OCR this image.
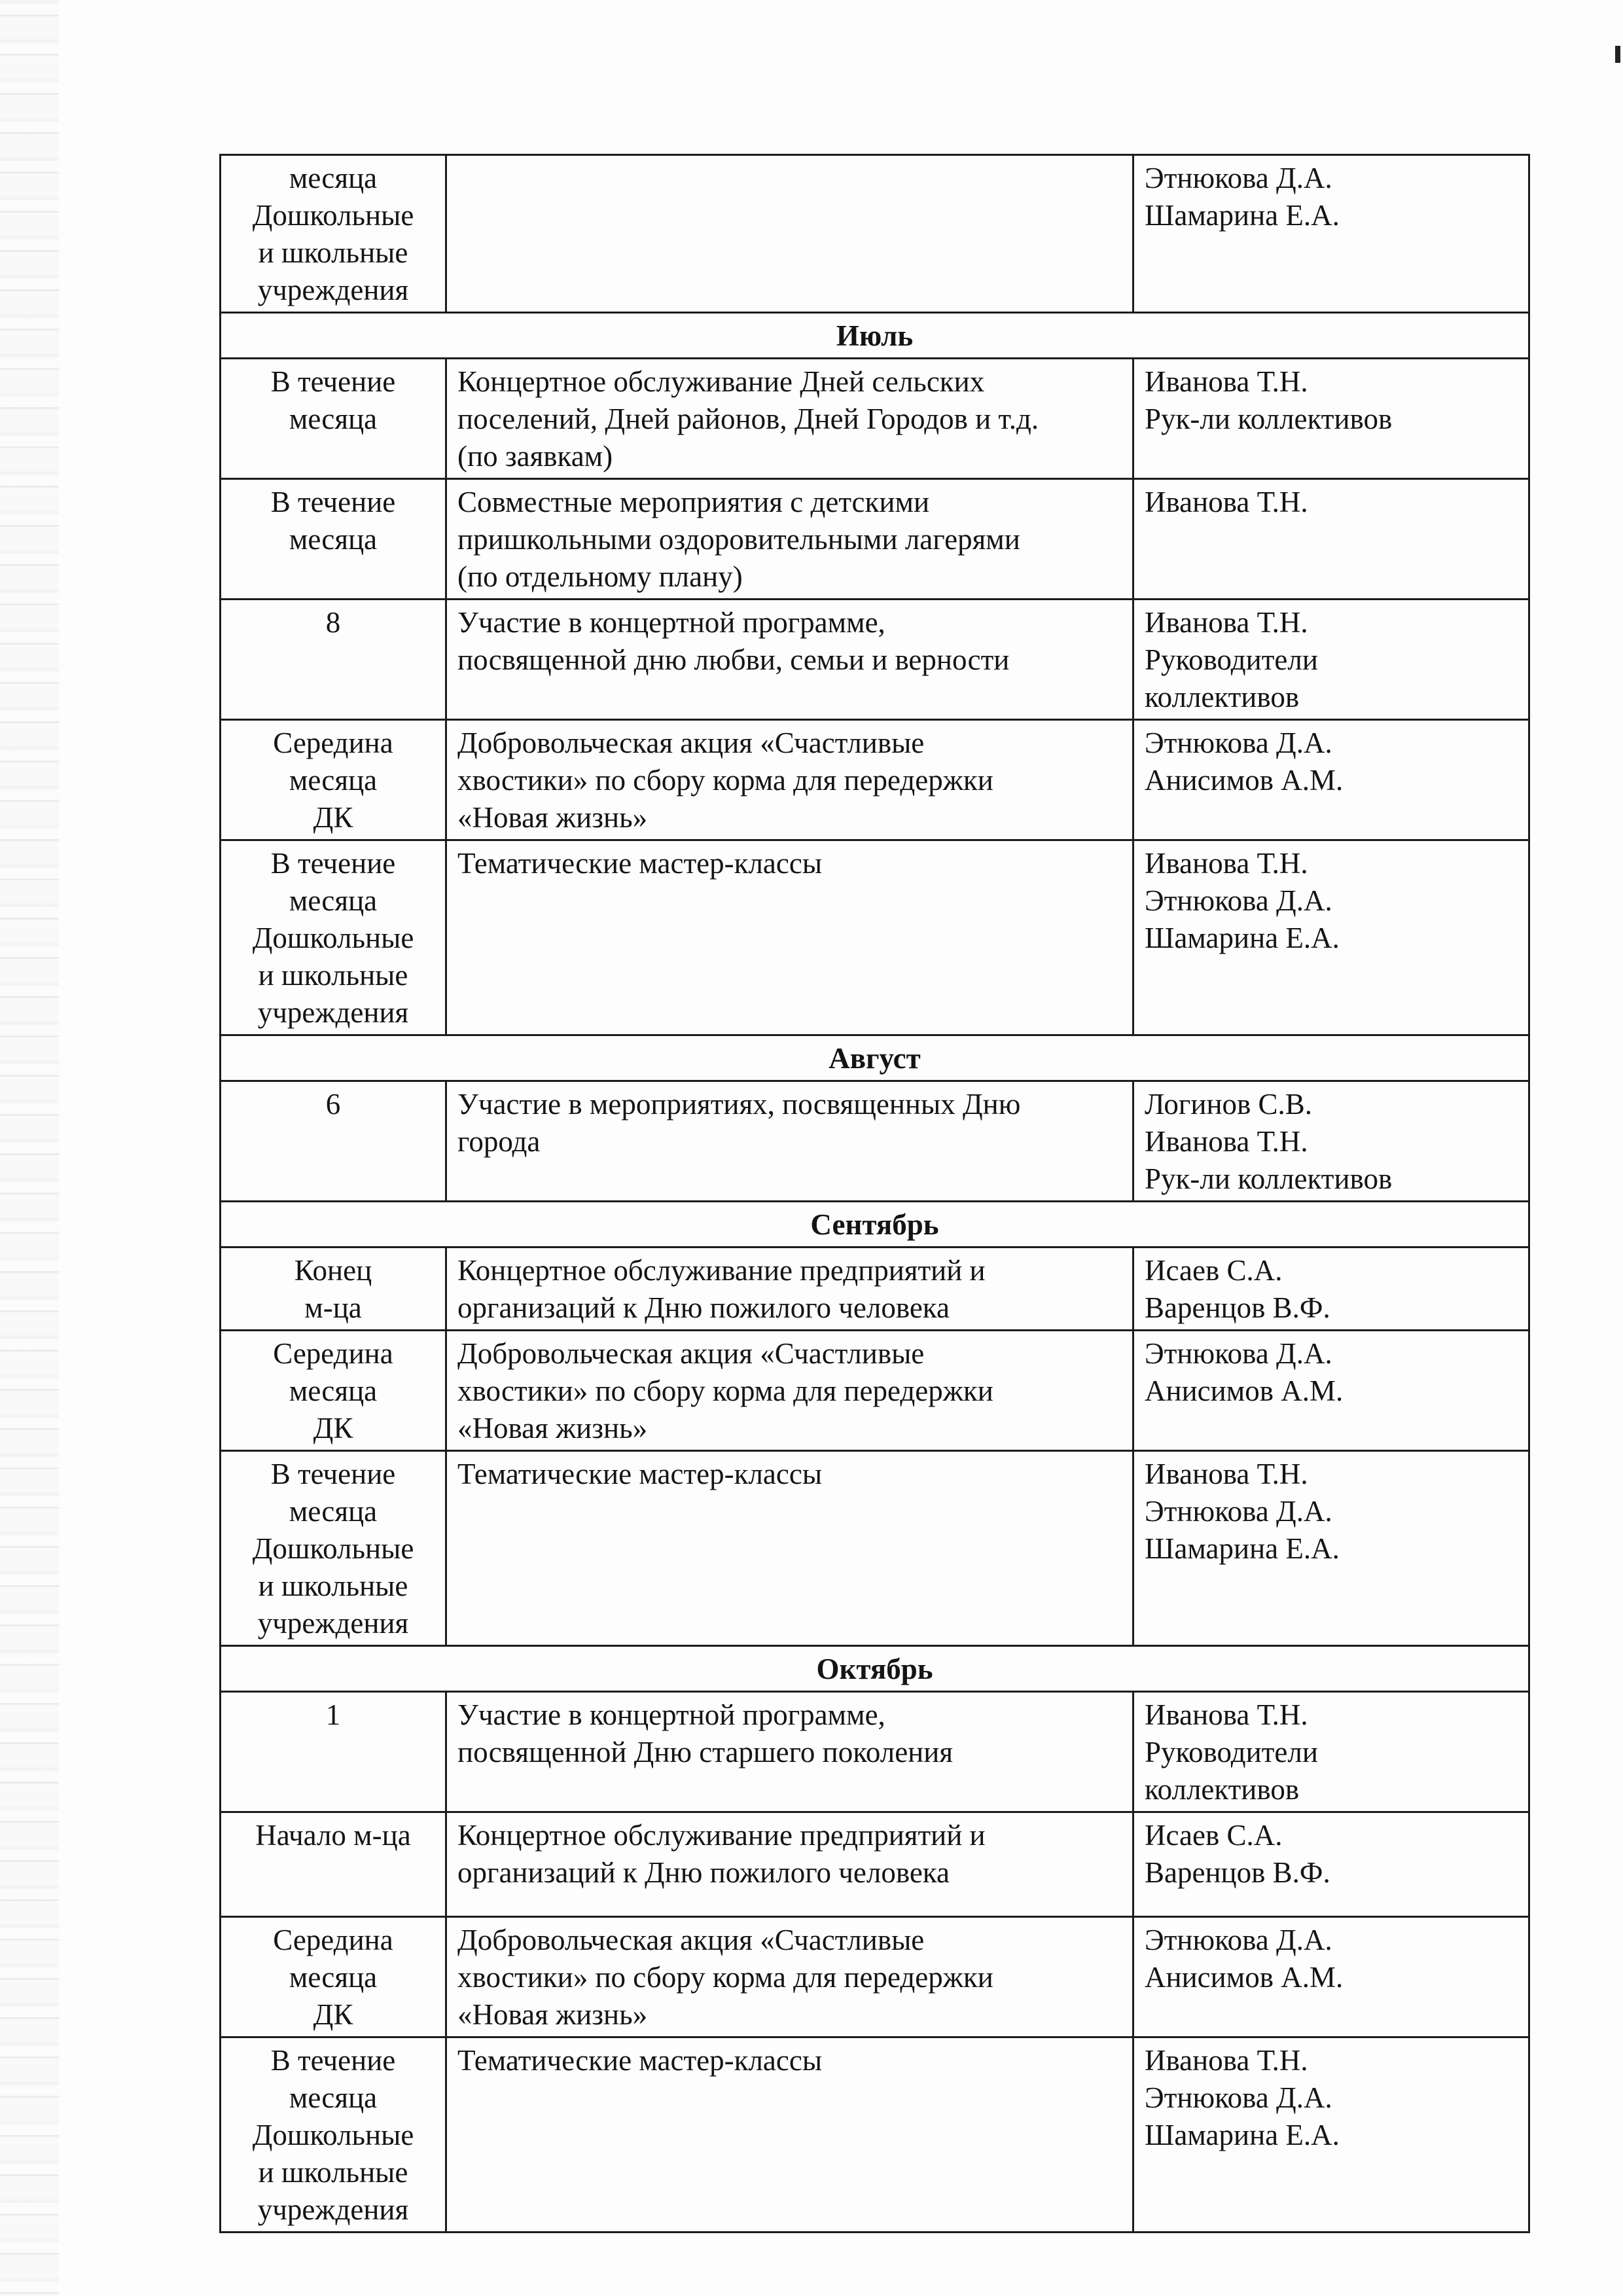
месяца
Дошкольные
и школьные
учреждения		Этнюкова Д.А.
Шамарина Е.А.

Июль		

В течение
месяца	Концертное обслуживание Дней сельских
поселений, Дней районов, Дней Городов и т.д.
(по заявкам)	Иванова Т.Н.
Рук-ли коллективов

В течение
месяца	Совместные мероприятия с детскими
пришкольными оздоровительными лагерями
(по отдельному плану)	Иванова Т.Н.

8	Участие в концертной программе,
посвященной дню любви, семьи и верности	Иванова Т.Н.
Руководители
коллективов

Середина
месяца
ДК	Добровольческая акция «Счастливые
хвостики» по сбору корма для передержки
«Новая жизнь»	Этнюкова Д.А.
Анисимов А.М.

В течение
месяца
Дошкольные
и школьные
учреждения	Тематические мастер-классы	Иванова Т.Н.
Этнюкова Д.А.
Шамарина Е.А.

Август		

6	Участие в мероприятиях, посвященных Дню
города	Логинов С.В.
Иванова Т.Н.
Рук-ли коллективов

Сентябрь		

Конец
м-ца	Концертное обслуживание предприятий и
организаций к Дню пожилого человека	Исаев С.А.
Варенцов В.Ф.

Середина
месяца
ДК	Добровольческая акция «Счастливые
хвостики» по сбору корма для передержки
«Новая жизнь»	Этнюкова Д.А.
Анисимов А.М.

В течение
месяца
Дошкольные
и школьные
учреждения	Тематические мастер-классы	Иванова Т.Н.
Этнюкова Д.А.
Шамарина Е.А.

Октябрь		

1	Участие в концертной программе,
посвященной Дню старшего поколения	Иванова Т.Н.
Руководители
коллективов

Начало м-ца	Концертное обслуживание предприятий и
организаций к Дню пожилого человека	Исаев С.А.
Варенцов В.Ф.

Середина
месяца
ДК	Добровольческая акция «Счастливые
хвостики» по сбору корма для передержки
«Новая жизнь»	Этнюкова Д.А.
Анисимов А.М.

В течение
месяца
Дошкольные
и школьные
учреждения	Тематические мастер-классы	Иванова Т.Н.
Этнюкова Д.А.
Шамарина Е.А.
